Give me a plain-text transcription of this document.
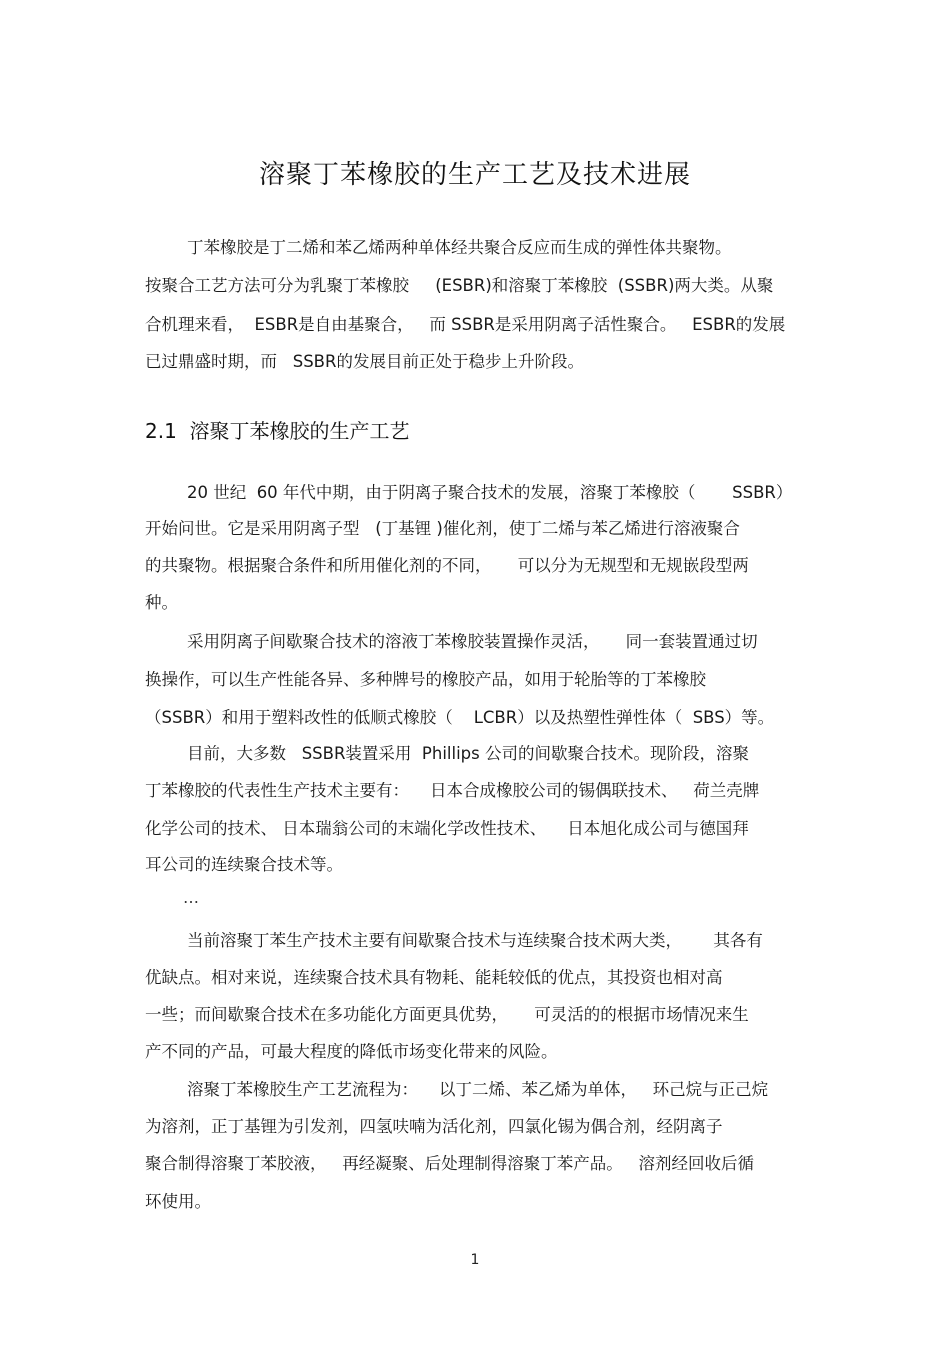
溶聚丁苯橡胶的生产工艺及技术进展
丁苯橡胶是丁二烯和苯乙烯两种单体经共聚合反应而生成的弹性体共聚物。
按聚合工艺方法可分为乳聚丁苯橡胶     (ESBR)和溶聚丁苯橡胶  (SSBR)两大类。从聚
合机理来看，  ESBR是自由基聚合，   而 SSBR是采用阴离子活性聚合。   ESBR的发展
已过鼎盛时期，而   SSBR的发展目前正处于稳步上升阶段。
2.1  溶聚丁苯橡胶的生产工艺
20 世纪  60 年代中期，由于阴离子聚合技术的发展，溶聚丁苯橡胶（       SSBR）
开始问世。它是采用阴离子型   (丁基锂 )催化剂，使丁二烯与苯乙烯进行溶液聚合
的共聚物。根据聚合条件和所用催化剂的不同，     可以分为无规型和无规嵌段型两
种。
采用阴离子间歇聚合技术的溶液丁苯橡胶装置操作灵活，     同一套装置通过切
换操作，可以生产性能各异、多种牌号的橡胶产品，如用于轮胎等的丁苯橡胶
（SSBR）和用于塑料改性的低顺式橡胶（    LCBR）以及热塑性弹性体（  SBS）等。
目前，大多数   SSBR装置采用  Phillips 公司的间歇聚合技术。现阶段，溶聚
丁苯橡胶的代表性生产技术主要有：    日本合成橡胶公司的锡偶联技术、   荷兰壳牌
化学公司的技术、 日本瑞翁公司的末端化学改性技术、    日本旭化成公司与德国拜
耳公司的连续聚合技术等。
…
当前溶聚丁苯生产技术主要有间歇聚合技术与连续聚合技术两大类，      其各有
优缺点。相对来说，连续聚合技术具有物耗、能耗较低的优点，其投资也相对高
一些；而间歇聚合技术在多功能化方面更具优势，     可灵活的的根据市场情况来生
产不同的产品，可最大程度的降低市场变化带来的风险。
溶聚丁苯橡胶生产工艺流程为：    以丁二烯、苯乙烯为单体，   环己烷与正己烷
为溶剂，正丁基锂为引发剂，四氢呋喃为活化剂，四氯化锡为偶合剂，经阴离子
聚合制得溶聚丁苯胶液，   再经凝聚、后处理制得溶聚丁苯产品。   溶剂经回收后循
环使用。
1
